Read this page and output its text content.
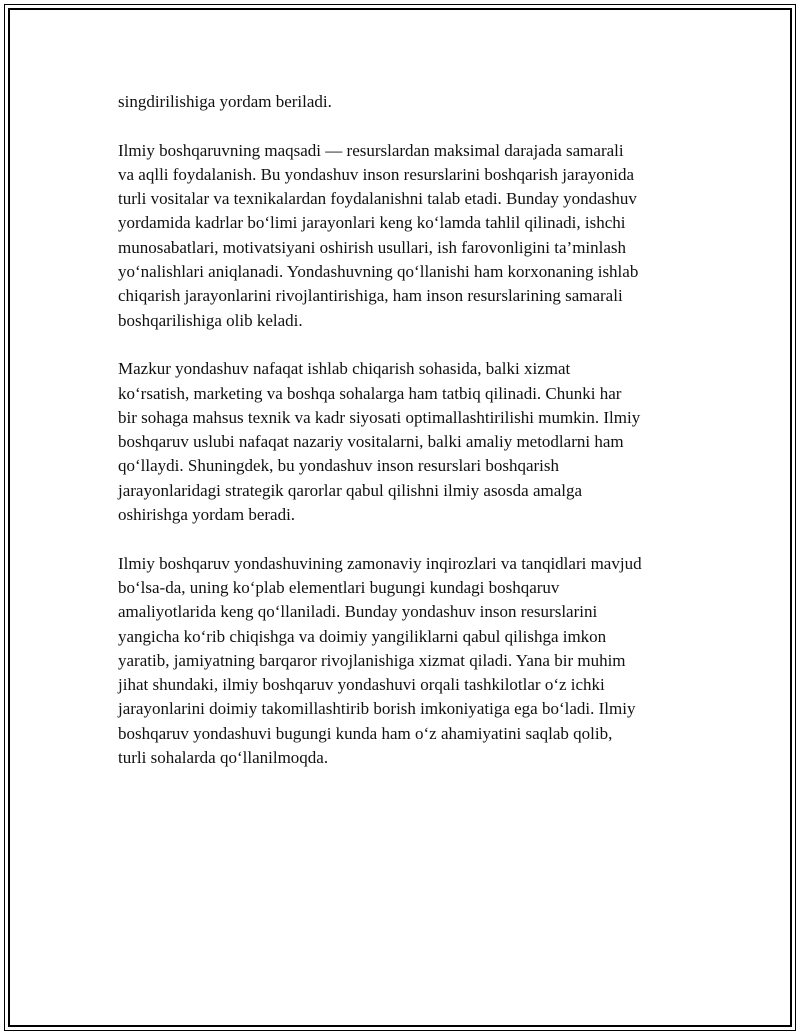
singdirilishiga yordam beriladi.

Ilmiy boshqaruvning maqsadi — resurslardan maksimal darajada samarali
va aqlli foydalanish. Bu yondashuv inson resurslarini boshqarish jarayonida
turli vositalar va texnikalardan foydalanishni talab etadi. Bunday yondashuv
yordamida kadrlar bo‘limi jarayonlari keng ko‘lamda tahlil qilinadi, ishchi
munosabatlari, motivatsiyani oshirish usullari, ish farovonligini ta’minlash
yo‘nalishlari aniqlanadi. Yondashuvning qo‘llanishi ham korxonaning ishlab
chiqarish jarayonlarini rivojlantirishiga, ham inson resurslarining samarali
boshqarilishiga olib keladi.

Mazkur yondashuv nafaqat ishlab chiqarish sohasida, balki xizmat
ko‘rsatish, marketing va boshqa sohalarga ham tatbiq qilinadi. Chunki har
bir sohaga mahsus texnik va kadr siyosati optimallashtirilishi mumkin. Ilmiy
boshqaruv uslubi nafaqat nazariy vositalarni, balki amaliy metodlarni ham
qo‘llaydi. Shuningdek, bu yondashuv inson resurslari boshqarish
jarayonlaridagi strategik qarorlar qabul qilishni ilmiy asosda amalga
oshirishga yordam beradi.

Ilmiy boshqaruv yondashuvining zamonaviy inqirozlari va tanqidlari mavjud
bo‘lsa-da, uning ko‘plab elementlari bugungi kundagi boshqaruv
amaliyotlarida keng qo‘llaniladi. Bunday yondashuv inson resurslarini
yangicha ko‘rib chiqishga va doimiy yangiliklarni qabul qilishga imkon
yaratib, jamiyatning barqaror rivojlanishiga xizmat qiladi. Yana bir muhim
jihat shundaki, ilmiy boshqaruv yondashuvi orqali tashkilotlar o‘z ichki
jarayonlarini doimiy takomillashtirib borish imkoniyatiga ega bo‘ladi. Ilmiy
boshqaruv yondashuvi bugungi kunda ham o‘z ahamiyatini saqlab qolib,
turli sohalarda qo‘llanilmoqda.
